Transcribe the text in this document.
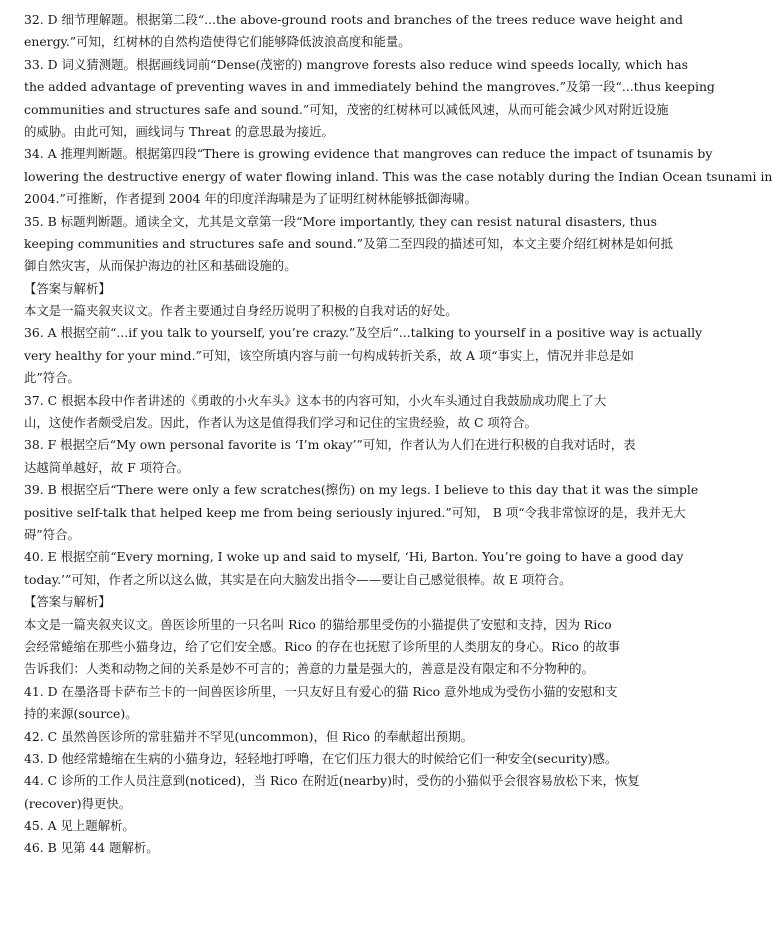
32. D 细节理解题。根据第二段“...the above-ground roots and branches of the trees reduce wave height and
energy.”可知，红树林的自然构造使得它们能够降低波浪高度和能量。
33. D 词义猜测题。根据画线词前“Dense(茂密的) mangrove forests also reduce wind speeds locally, which has
the added advantage of preventing waves in and immediately behind the mangroves.”及第一段“...thus keeping
communities and structures safe and sound.”可知，茂密的红树林可以减低风速，从而可能会减少风对附近设施
的威胁。由此可知，画线词与 Threat 的意思最为接近。
34. A 推理判断题。根据第四段“There is growing evidence that mangroves can reduce the impact of tsunamis by
lowering the destructive energy of water flowing inland. This was the case notably during the Indian Ocean tsunami in
2004.”可推断，作者提到 2004 年的印度洋海啸是为了证明红树林能够抵御海啸。
35. B 标题判断题。通读全文，尤其是文章第一段“More importantly, they can resist natural disasters, thus
keeping communities and structures safe and sound.”及第二至四段的描述可知，本文主要介绍红树林是如何抵
御自然灾害，从而保护海边的社区和基础设施的。
【答案与解析】
本文是一篇夹叙夹议文。作者主要通过自身经历说明了积极的自我对话的好处。
36. A 根据空前“...if you talk to yourself, you’re crazy.”及空后“...talking to yourself in a positive way is actually
very healthy for your mind.”可知，该空所填内容与前一句构成转折关系，故 A 项“事实上，情况并非总是如
此”符合。
37. C 根据本段中作者讲述的《勇敢的小火车头》这本书的内容可知，小火车头通过自我鼓励成功爬上了大
山，这使作者颇受启发。因此，作者认为这是值得我们学习和记住的宝贵经验，故 C 项符合。
38. F 根据空后“My own personal favorite is ‘I’m okay’”可知，作者认为人们在进行积极的自我对话时，表
达越简单越好，故 F 项符合。
39. B 根据空后“There were only a few scratches(擦伤) on my legs. I believe to this day that it was the simple
positive self-talk that helped keep me from being seriously injured.”可知， B 项“令我非常惊讶的是，我并无大
碍”符合。
40. E 根据空前“Every morning, I woke up and said to myself, ‘Hi, Barton. You’re going to have a good day
today.’”可知，作者之所以这么做，其实是在向大脑发出指令——要让自己感觉很棒。故 E 项符合。
【答案与解析】
本文是一篇夹叙夹议文。兽医诊所里的一只名叫 Rico 的猫给那里受伤的小猫提供了安慰和支持，因为 Rico
会经常蜷缩在那些小猫身边，给了它们安全感。Rico 的存在也抚慰了诊所里的人类朋友的身心。Rico 的故事
告诉我们：人类和动物之间的关系是妙不可言的；善意的力量是强大的，善意是没有限定和不分物种的。
41. D 在墨洛哥卡萨布兰卡的一间兽医诊所里，一只友好且有爱心的猫 Rico 意外地成为受伤小猫的安慰和支
持的来源(source)。
42. C 虽然兽医诊所的常驻猫并不罕见(uncommon)，但 Rico 的奉献超出预期。
43. D 他经常蜷缩在生病的小猫身边，轻轻地打呼噜，在它们压力很大的时候给它们一种安全(security)感。
44. C 诊所的工作人员注意到(noticed)，当 Rico 在附近(nearby)时，受伤的小猫似乎会很容易放松下来，恢复
(recover)得更快。
45. A 见上题解析。
46. B 见第 44 题解析。
